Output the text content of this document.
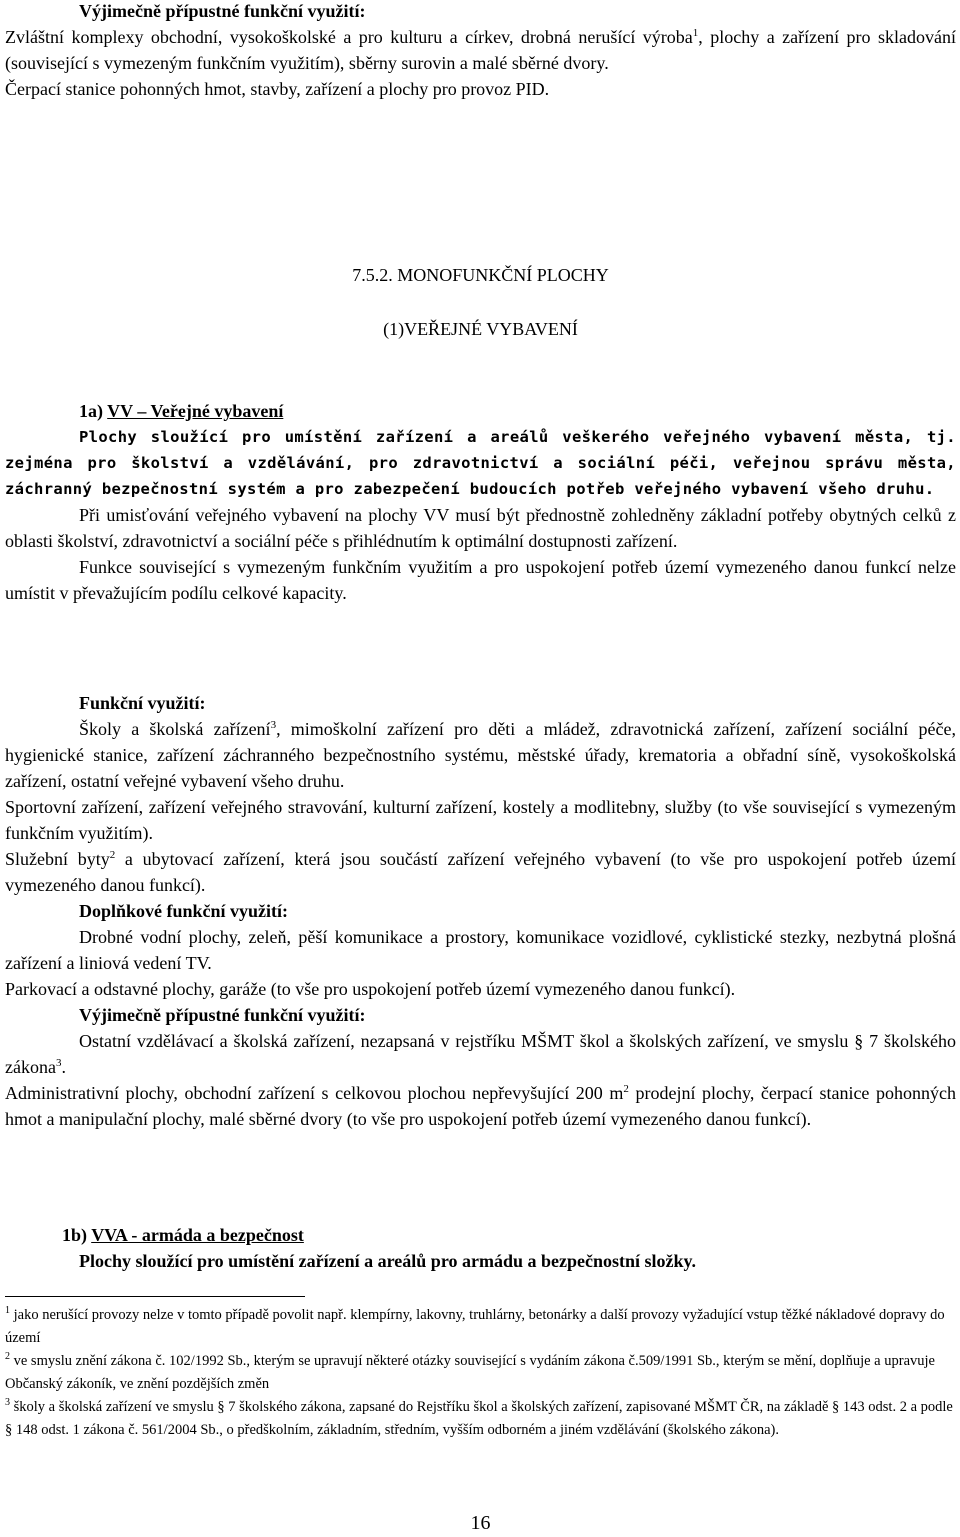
Výjimečně přípustné funkční využití:

Zvláštní komplexy obchodní, vysokoškolské a pro kulturu a církev, drobná nerušící výroba$^1$, plochy a zařízení pro skladování (související s vymezeným funkčním využitím), sběrny surovin a malé sběrné dvory.

Čerpací stanice pohonných hmot, stavby, zařízení a plochy pro provoz PID.

7.5.2. MONOFUNKČNÍ PLOCHY

(1)VEŘEJNÉ VYBAVENÍ

1a) VV – Veřejné vybavení

Plochy sloužící pro umístění zařízení a areálů veškerého veřejného vybavení města, tj. zejména pro školství a vzdělávání, pro zdravotnictví a sociální péči, veřejnou správu města, záchranný bezpečnostní systém a pro zabezpečení budoucích potřeb veřejného vybavení všeho druhu.

Při umisťování veřejného vybavení na plochy VV musí být přednostně zohledněny základní potřeby obytných celků z oblasti školství, zdravotnictví a sociální péče s přihlédnutím k optimální dostupnosti zařízení.

Funkce související s vymezeným funkčním využitím a pro uspokojení potřeb území vymezeného danou funkcí nelze umístit v převažujícím podílu celkové kapacity.

Funkční využití:

Školy a školská zařízení$^3$, mimoškolní zařízení pro děti a mládež, zdravotnická zařízení, zařízení sociální péče, hygienické stanice, zařízení záchranného bezpečnostního systému, městské úřady, krematoria a obřadní síně, vysokoškolská zařízení, ostatní veřejné vybavení všeho druhu.

Sportovní zařízení, zařízení veřejného stravování, kulturní zařízení, kostely a modlitebny, služby (to vše související s vymezeným funkčním využitím).

Služební byty$^2$ a ubytovací zařízení, která jsou součástí zařízení veřejného vybavení (to vše pro uspokojení potřeb území vymezeného danou funkcí).

Doplňkové funkční využití:

Drobné vodní plochy, zeleň, pěší komunikace a prostory, komunikace vozidlové, cyklistické stezky, nezbytná plošná zařízení a liniová vedení TV.

Parkovací a odstavné plochy, garáže (to vše pro uspokojení potřeb území vymezeného danou funkcí).

Výjimečně přípustné funkční využití:

Ostatní vzdělávací a školská zařízení, nezapsaná v rejstříku MŠMT škol a školských zařízení, ve smyslu § 7 školského zákona$^3$.

Administrativní plochy, obchodní zařízení s celkovou plochou nepřevyšující 200 $m^2$ prodejní plochy, čerpací stanice pohonných hmot a manipulační plochy, malé sběrné dvory (to vše pro uspokojení potřeb území vymezeného danou funkcí).

1b) VVA - armáda a bezpečnost

Plochy sloužící pro umístění zařízení a areálů pro armádu a bezpečnostní složky.

$^1$ jako nerušící provozy nelze v tomto případě povolit např. klempírny, lakovny, truhlárny, betonárky a další provozy vyžadující vstup těžké nákladové dopravy do území

$^2$ ve smyslu znění zákona č. 102/1992 Sb., kterým se upravují některé otázky související s vydáním zákona č.509/1991 Sb., kterým se mění, doplňuje a upravuje Občanský zákoník, ve znění pozdějších změn

$^3$ školy a školská zařízení ve smyslu § 7 školského zákona, zapsané do Rejstříku škol a školských zařízení, zapisované MŠMT ČR, na základě § 143 odst. 2 a podle § 148 odst. 1 zákona č. 561/2004 Sb., o předškolním, základním, středním, vyšším odborném a jiném vzdělávání (školského zákona).

16
